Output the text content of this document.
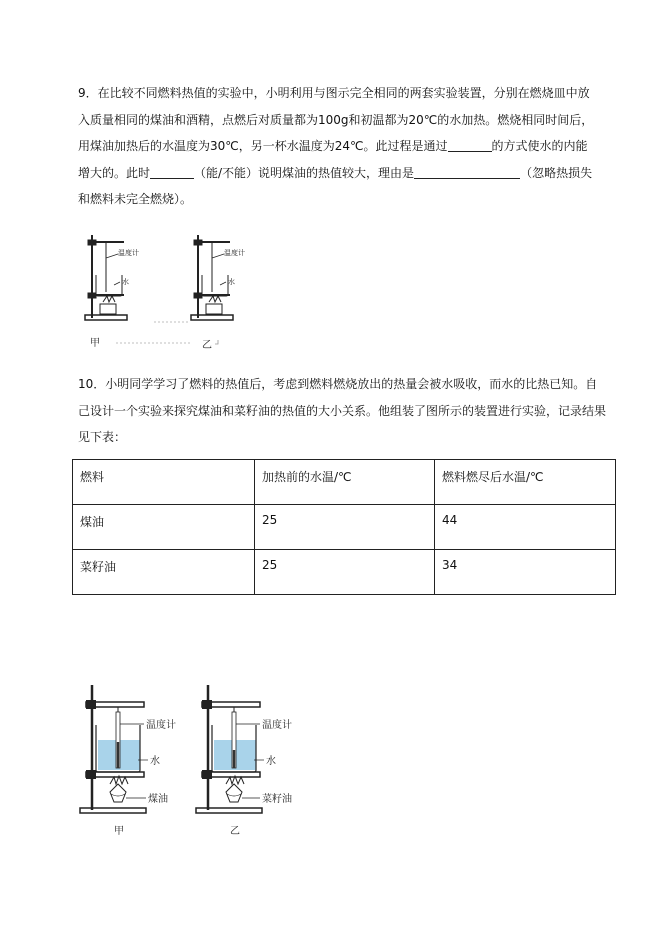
9．在比较不同燃料热值的实验中，小明利用与图示完全相同的两套实验装置，分别在燃烧皿中放入质量相同的煤油和酒精，点燃后对质量都为100g和初温都为20℃的水加热。燃烧相同时间后，用煤油加热后的水温度为30℃，另一杯水温度为24℃。此过程是通过	的方式使水的内能增大的。此时	（能/不能）说明煤油的热值较大，理由是	（忽略热损失和燃料未完全燃烧）。
温度计
水
温度计
水
甲	乙
10．小明同学学习了燃料的热值后，考虑到燃料燃烧放出的热量会被水吸收，而水的比热已知。自己设计一个实验来探究煤油和菜籽油的热值的大小关系。他组装了图所示的装置进行实验，记录结果见下表：
燃料	加热前的水温/℃	燃料燃尽后水温/℃
煤油	25	44
菜籽油	25	34
温度计
水
煤油
甲
温度计
水
菜籽油
乙
